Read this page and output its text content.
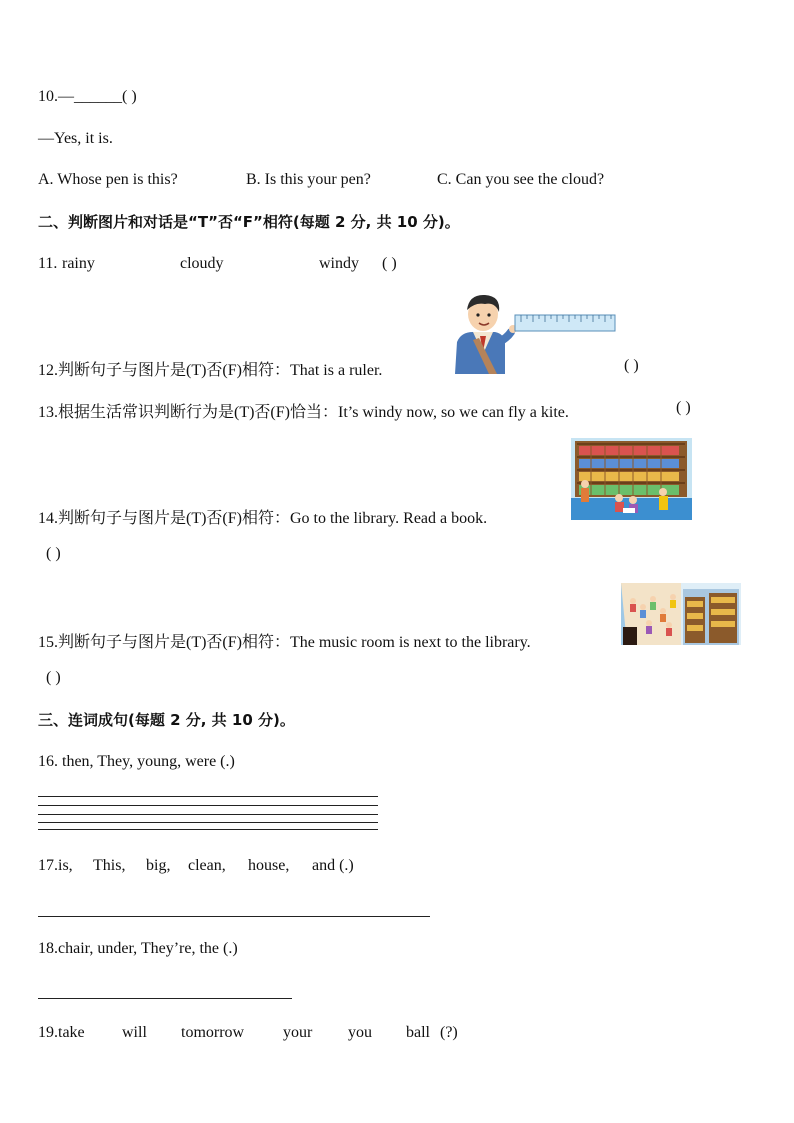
10.—______( )
—Yes, it is.
A. Whose pen is this?	B. Is this your pen?	C. Can you see the cloud?
二、判断图片和对话是“T”否“F”相符(每题 2 分, 共 10 分)。
11. rainy	cloudy	windy ( )
12.判断句子与图片是(T)否(F)相符：That is a ruler.	( )
13.根据生活常识判断行为是(T)否(F)恰当：It’s windy now, so we can fly a kite.	( )
14.判断句子与图片是(T)否(F)相符：Go to the library. Read a book.
( )
15.判断句子与图片是(T)否(F)相符：The music room is next to the library.
( )
三、连词成句(每题 2 分, 共 10 分)。
16. then, They, young, were (.)
17.is, This, big, clean, house, and (.)
18.chair, under, They’re, the (.)
19.take will tomorrow your you ball (?)
